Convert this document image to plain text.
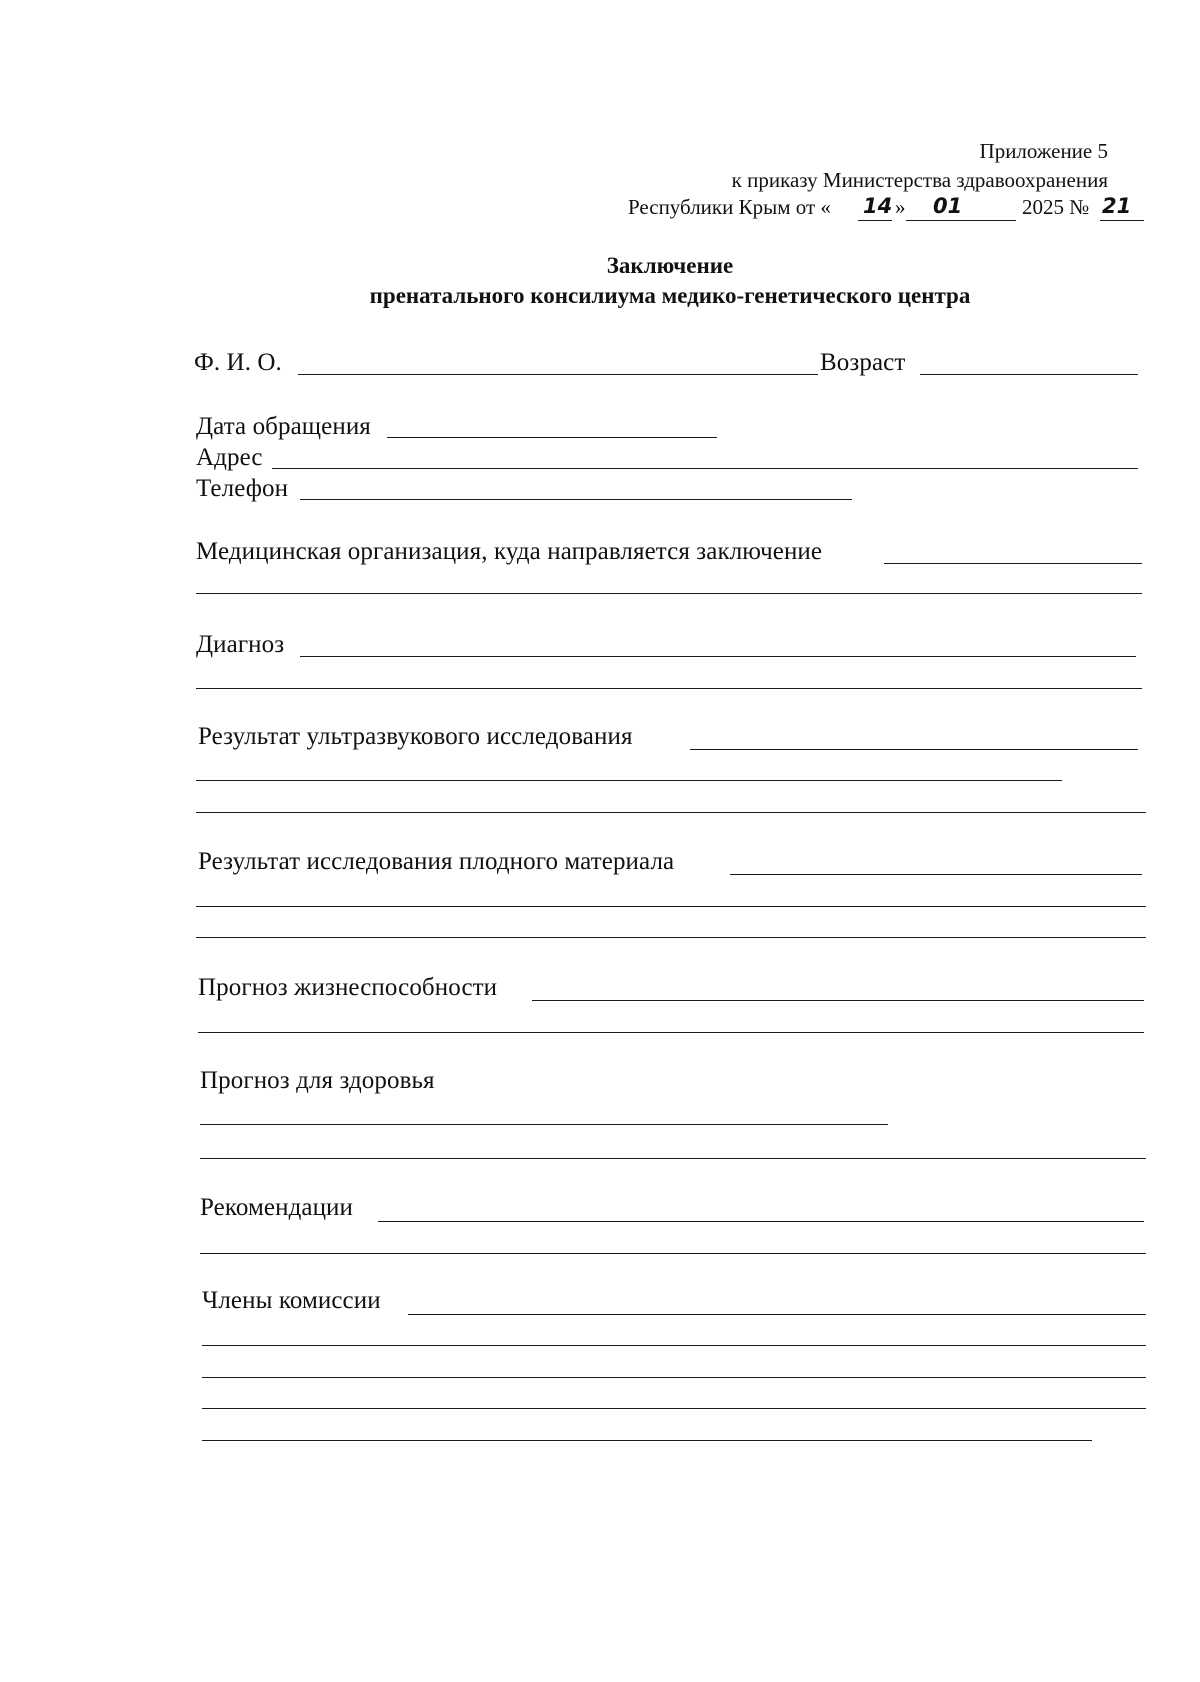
Приложение 5
к приказу Министерства здравоохранения
Республики Крым от « 14 » 01	2025 № 21
Заключение
пренатального консилиума медико-генетического центра
Ф. И. О.	Возраст
Дата обращения
Адрес
Телефон
Медицинская организация, куда направляется заключение
Диагноз
Результат ультразвукового исследования
Результат исследования плодного материала
Прогноз жизнеспособности
Прогноз для здоровья
Рекомендации
Члены комиссии
